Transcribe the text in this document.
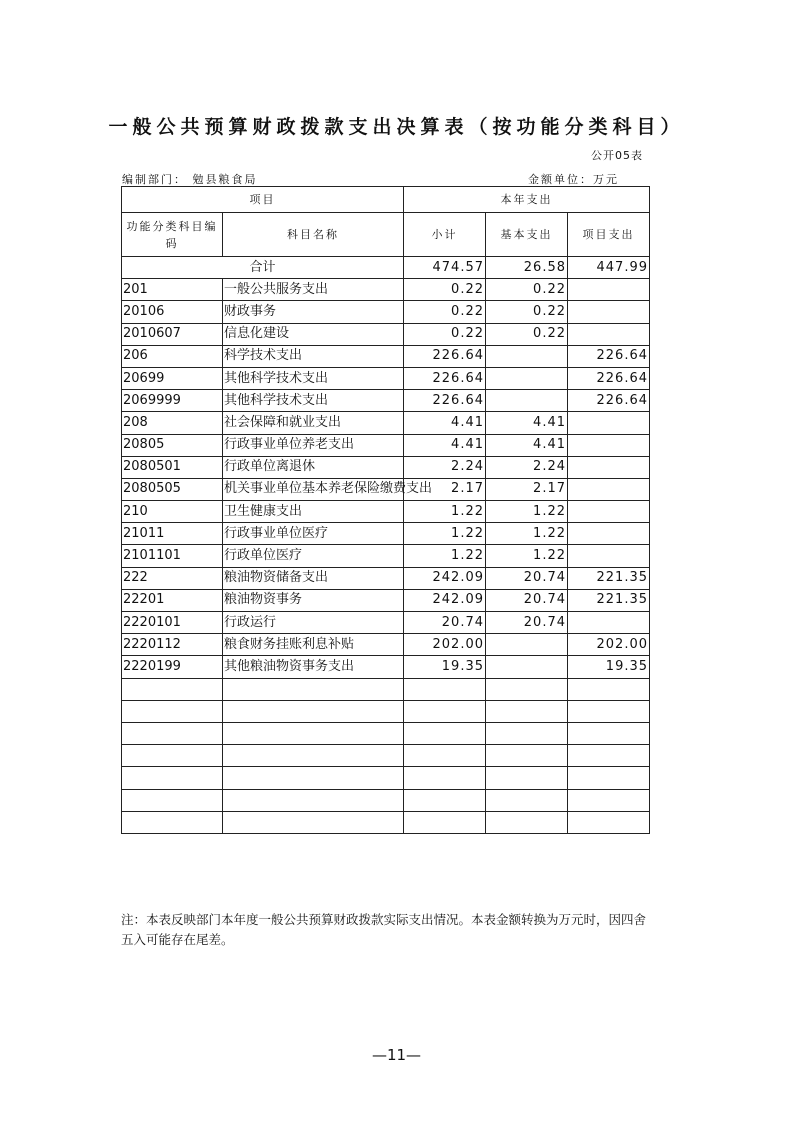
一般公共预算财政拨款支出决算表（按功能分类科目）
公开05表
编制部门： 勉县粮食局	金额单位：万元
项目		本年支出		
功能分类科目编码	科目名称	小计	基本支出	项目支出
合计		474.57	26.58	447.99
201	一般公共服务支出	0.22	0.22	
20106	财政事务	0.22	0.22	
2010607	信息化建设	0.22	0.22	
206	科学技术支出	226.64		226.64
20699	其他科学技术支出	226.64		226.64
2069999	其他科学技术支出	226.64		226.64
208	社会保障和就业支出	4.41	4.41	
20805	行政事业单位养老支出	4.41	4.41	
2080501	行政单位离退休	2.24	2.24	
2080505	机关事业单位基本养老保险缴费支出	2.17	2.17	
210	卫生健康支出	1.22	1.22	
21011	行政事业单位医疗	1.22	1.22	
2101101	行政单位医疗	1.22	1.22	
222	粮油物资储备支出	242.09	20.74	221.35
22201	粮油物资事务	242.09	20.74	221.35
2220101	行政运行	20.74	20.74	
2220112	粮食财务挂账利息补贴	202.00		202.00
2220199	其他粮油物资事务支出	19.35		19.35

注：本表反映部门本年度一般公共预算财政拨款实际支出情况。本表金额转换为万元时，因四舍五入可能存在尾差。
—11—
